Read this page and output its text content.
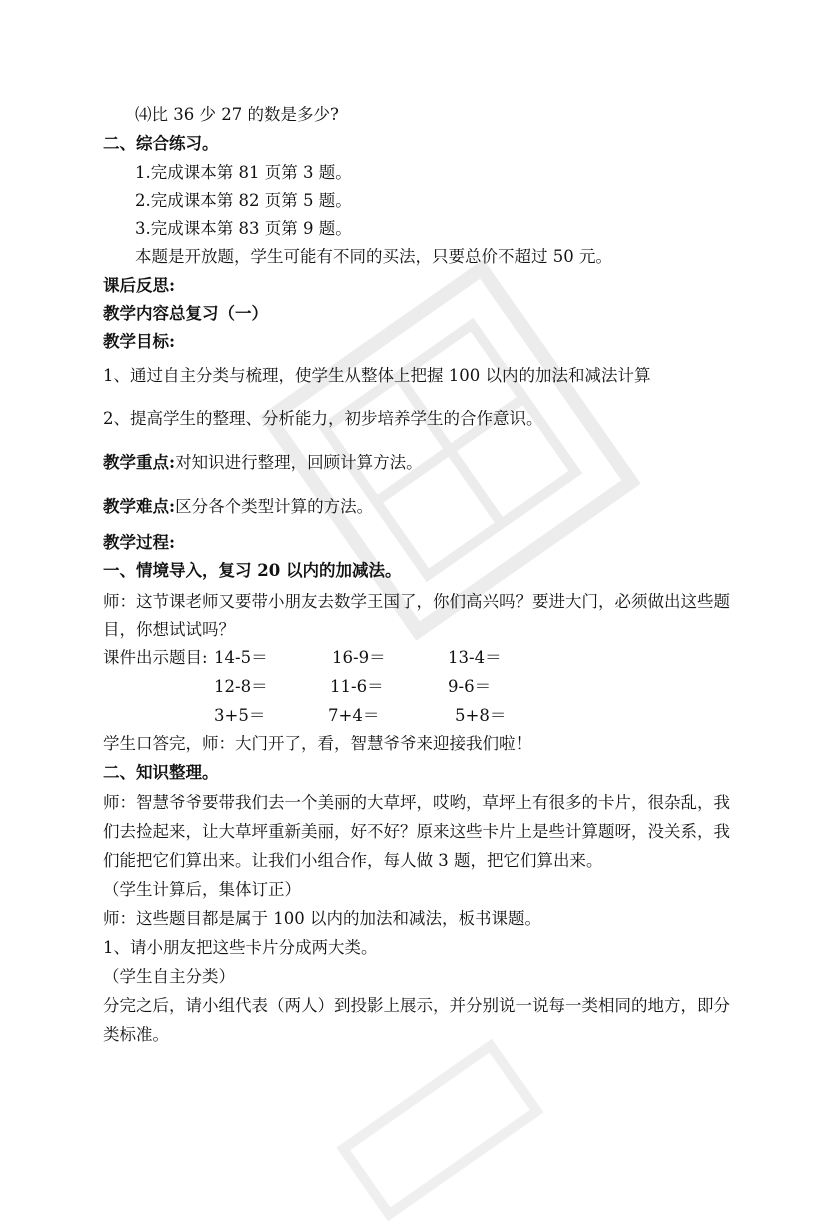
⑷比 36 少 27 的数是多少?
二、综合练习。
1.完成课本第 81 页第 3 题。
2.完成课本第 82 页第 5 题。
3.完成课本第 83 页第 9 题。
本题是开放题，学生可能有不同的买法，只要总价不超过 50 元。
课后反思:
教学内容总复习（一）
教学目标:
1、通过自主分类与梳理，使学生从整体上把握 100 以内的加法和减法计算
2、提高学生的整理、分析能力，初步培养学生的合作意识。
教学重点:对知识进行整理，回顾计算方法。
教学难点:区分各个类型计算的方法。
教学过程:
一、情境导入，复习 20 以内的加减法。
师：这节课老师又要带小朋友去数学王国了，你们高兴吗？要进大门，必须做出这些题
目，你想试试吗？
课件出示题目: 14-5＝	16-9＝	13-4＝
12-8＝	11-6＝	9-6＝
3+5＝	7+4＝	5+8＝
学生口答完，师：大门开了，看，智慧爷爷来迎接我们啦！
二、知识整理。
师：智慧爷爷要带我们去一个美丽的大草坪，哎哟，草坪上有很多的卡片，很杂乱，我
们去捡起来，让大草坪重新美丽，好不好？原来这些卡片上是些计算题呀，没关系，我
们能把它们算出来。让我们小组合作，每人做 3 题，把它们算出来。
（学生计算后，集体订正）
师：这些题目都是属于 100 以内的加法和减法，板书课题。
1、请小朋友把这些卡片分成两大类。
（学生自主分类）
分完之后，请小组代表（两人）到投影上展示，并分别说一说每一类相同的地方，即分
类标准。
